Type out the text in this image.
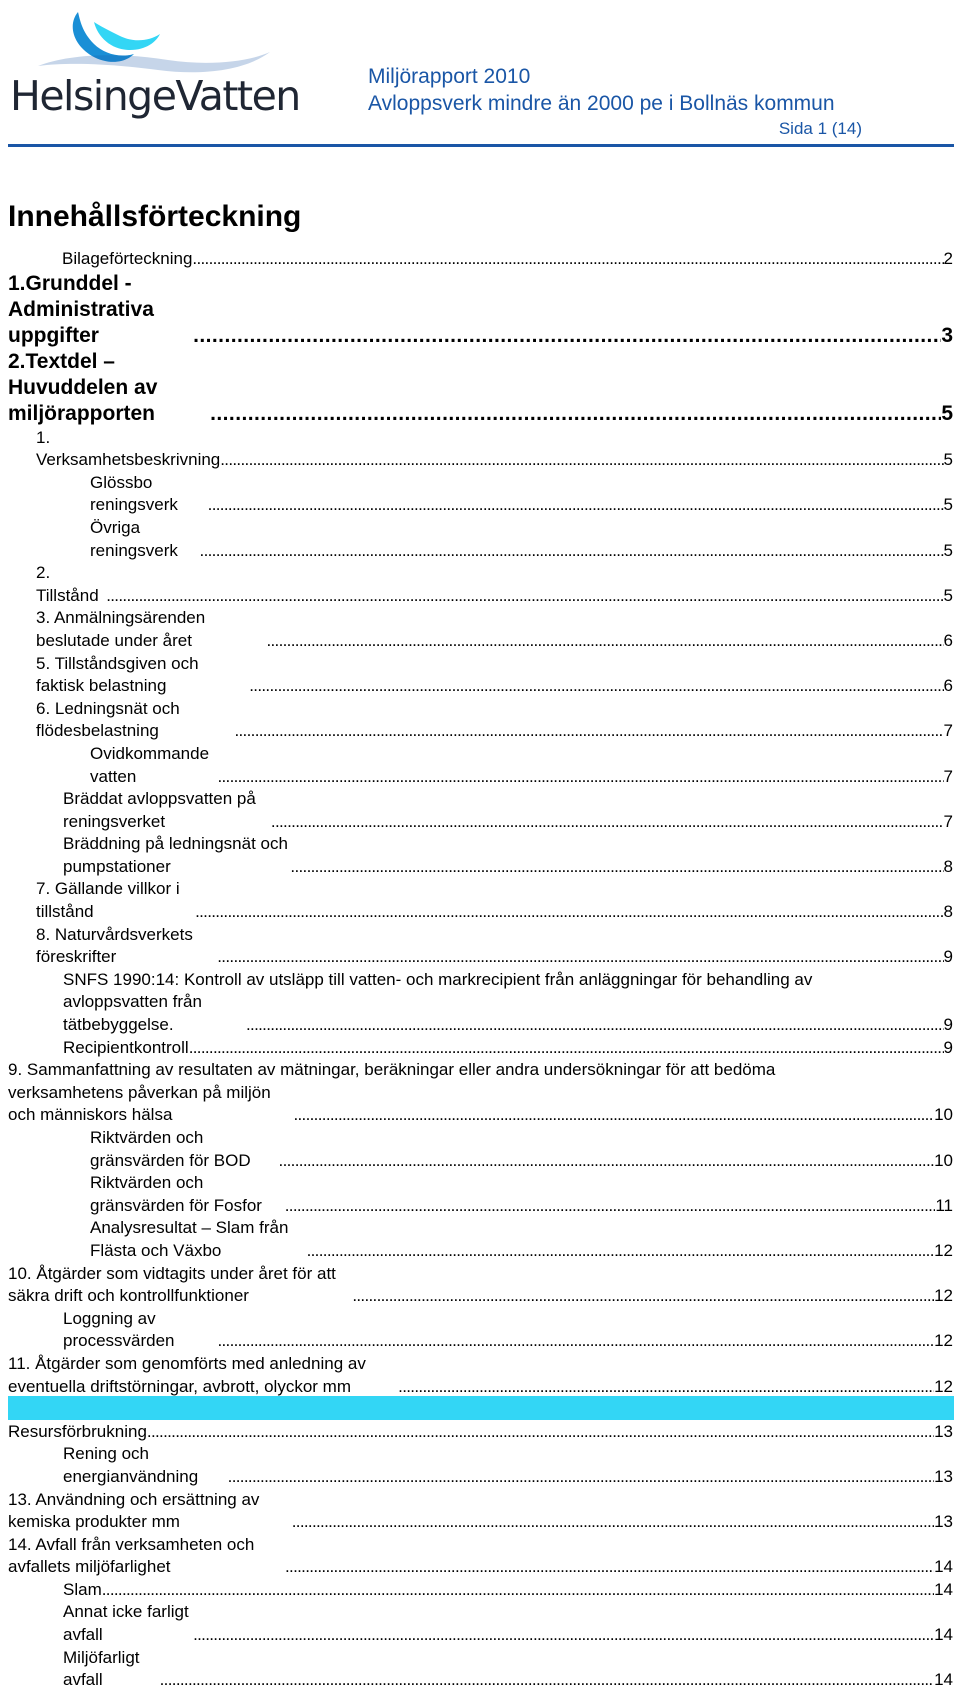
HelsingeVatten	Miljörapport 2010
Avloppsverk mindre än 2000 pe i Bollnäs kommun
Sida 1 (14)
Innehållsförteckning
Bilageförteckning . . .	2
1.Grunddel - Administrativa uppgifter . . .	3
2.Textdel – Huvuddelen av miljörapporten . . .	5
1. Verksamhetsbeskrivning . . .	5
Glössbo reningsverk . . .	5
Övriga reningsverk . . .	5
2. Tillstånd . . .	5
3. Anmälningsärenden beslutade under året . . .	6
5. Tillståndsgiven och faktisk belastning . . .	6
6. Ledningsnät och flödesbelastning . . .	7
Ovidkommande vatten . . .	7
Bräddat avloppsvatten på reningsverket . . .	7
Bräddning på ledningsnät och pumpstationer . . .	8
7. Gällande villkor i tillstånd . . .	8
8. Naturvårdsverkets föreskrifter . . .	9
SNFS 1990:14: Kontroll av utsläpp till vatten- och markrecipient från anläggningar för behandling av
avloppsvatten från tätbebyggelse. . . .	9
Recipientkontroll . . .	9
9. Sammanfattning av resultaten av mätningar, beräkningar eller andra undersökningar för att bedöma
verksamhetens påverkan på miljön och människors hälsa . . .	10
Riktvärden och gränsvärden för BOD . . .	10
Riktvärden och gränsvärden för Fosfor . . .	11
Analysresultat – Slam från Flästa och Växbo . . .	12
10. Åtgärder som vidtagits under året för att säkra drift och kontrollfunktioner . . .	12
Loggning av processvärden . . .	12
11. Åtgärder som genomförts med anledning av eventuella driftstörningar, avbrott, olyckor mm . . .	12
Resursförbrukning . . .	13
Rening och energianvändning . . .	13
13. Användning och ersättning av kemiska produkter mm . . .	13
14. Avfall från verksamheten och avfallets miljöfarlighet . . .	14
Slam . . .	14
Annat icke farligt avfall . . .	14
Miljöfarligt avfall . . .	14
